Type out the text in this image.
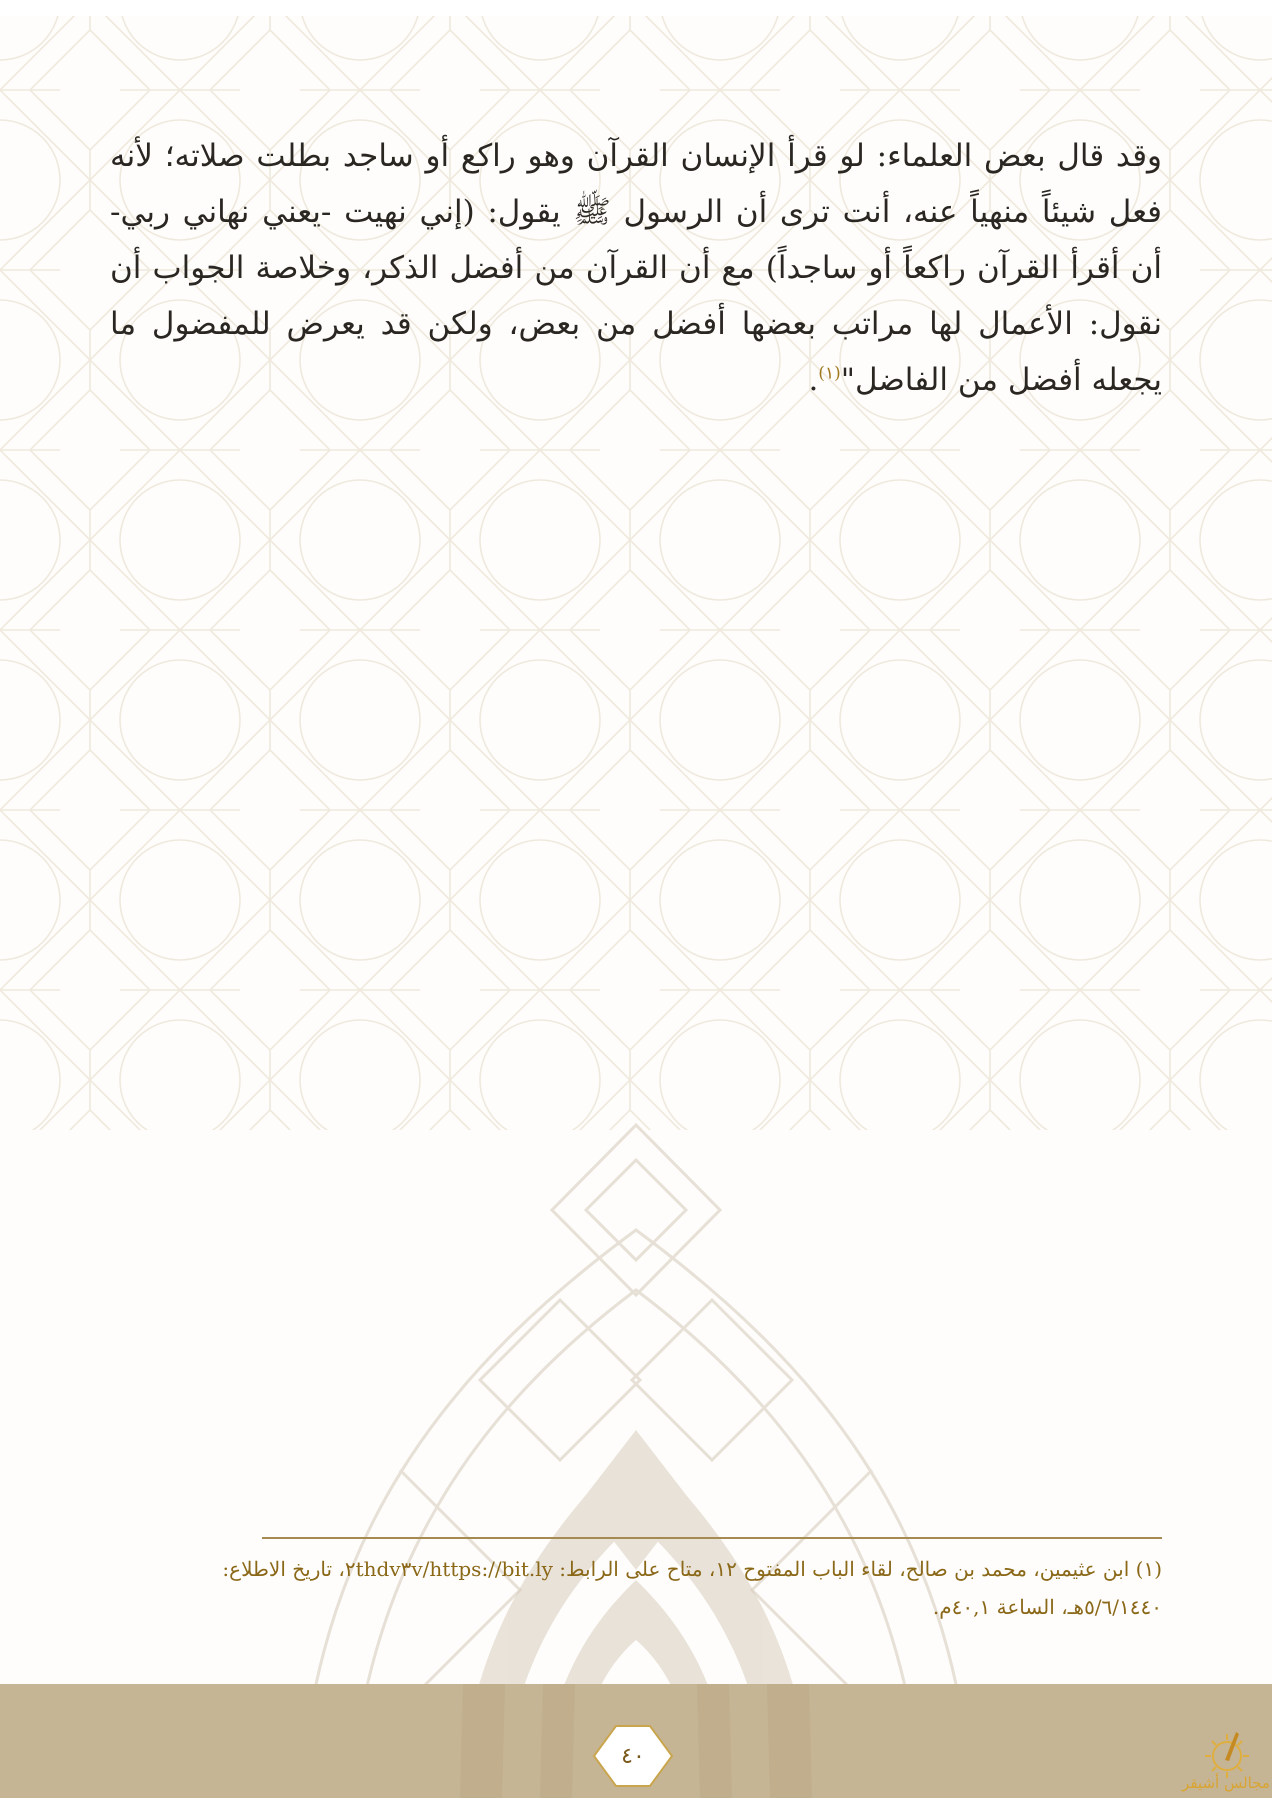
وقد قال بعض العلماء: لو قرأ الإنسان القرآن وهو راكع أو ساجد بطلت صلاته؛ لأنه فعل شيئاً منهياً عنه، أنت ترى أن الرسول ﷺ يقول: (إني نهيت -يعني نهاني ربي- أن أقرأ القرآن راكعاً أو ساجداً) مع أن القرآن من أفضل الذكر، وخلاصة الجواب أن نقول: الأعمال لها مراتب بعضها أفضل من بعض، ولكن قد يعرض للمفضول ما يجعله أفضل من الفاضل"$^{(١)}$.
(١) ابن عثيمين، محمد بن صالح، لقاء الباب المفتوح ١٢، متاح على الرابط: https://bit.ly/٢thdv٣v، تاريخ الاطلاع:
٥/٦/١٤٤٠هـ، الساعة ٤٠,١م.
٤٠
مجالس أشيقر
